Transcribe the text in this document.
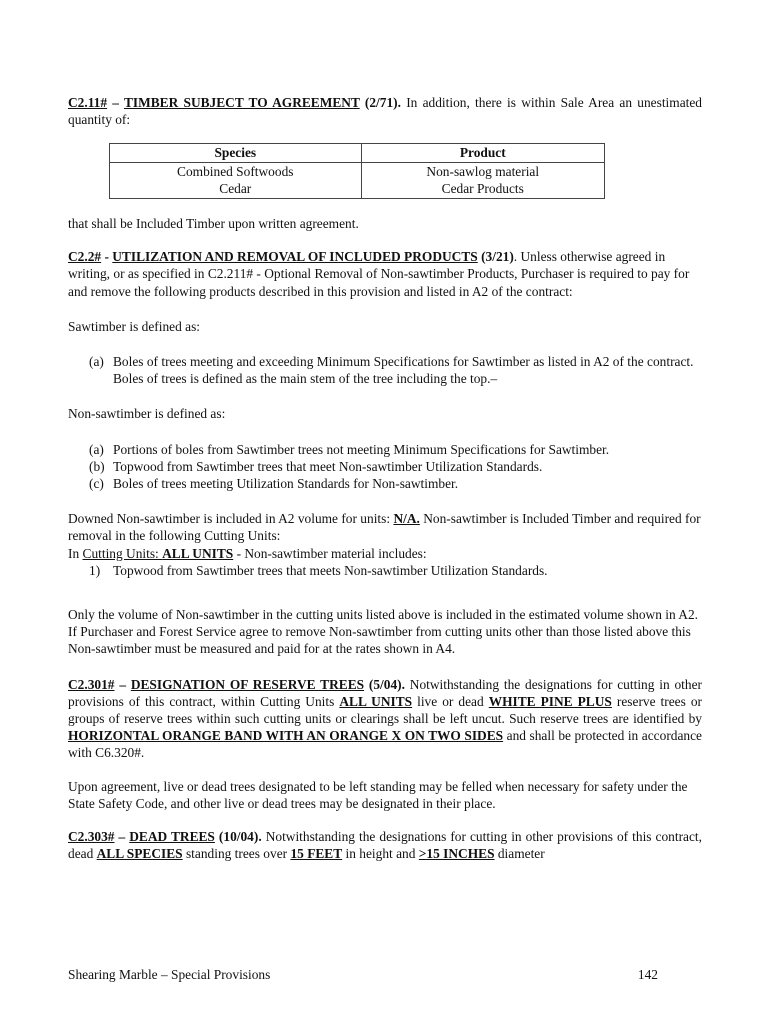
C2.11# – TIMBER SUBJECT TO AGREEMENT (2/71). In addition, there is within Sale Area an unestimated quantity of:

Species	Product
Combined Softwoods	Non-sawlog material
Cedar	Cedar Products

that shall be Included Timber upon written agreement.

C2.2# - UTILIZATION AND REMOVAL OF INCLUDED PRODUCTS (3/21). Unless otherwise agreed in writing, or as specified in C2.211# - Optional Removal of Non-sawtimber Products, Purchaser is required to pay for and remove the following products described in this provision and listed in A2 of the contract:

Sawtimber is defined as:

(a) Boles of trees meeting and exceeding Minimum Specifications for Sawtimber as listed in A2 of the contract. Boles of trees is defined as the main stem of the tree including the top.–

Non-sawtimber is defined as:

(a) Portions of boles from Sawtimber trees not meeting Minimum Specifications for Sawtimber.
(b) Topwood from Sawtimber trees that meet Non-sawtimber Utilization Standards.
(c) Boles of trees meeting Utilization Standards for Non-sawtimber.

Downed Non-sawtimber is included in A2 volume for units: N/A. Non-sawtimber is Included Timber and required for removal in the following Cutting Units:

In Cutting Units: ALL UNITS - Non-sawtimber material includes:

1) Topwood from Sawtimber trees that meets Non-sawtimber Utilization Standards.

Only the volume of Non-sawtimber in the cutting units listed above is included in the estimated volume shown in A2. If Purchaser and Forest Service agree to remove Non-sawtimber from cutting units other than those listed above this Non-sawtimber must be measured and paid for at the rates shown in A4.

C2.301# – DESIGNATION OF RESERVE TREES (5/04). Notwithstanding the designations for cutting in other provisions of this contract, within Cutting Units ALL UNITS live or dead WHITE PINE PLUS reserve trees or groups of reserve trees within such cutting units or clearings shall be left uncut. Such reserve trees are identified by HORIZONTAL ORANGE BAND WITH AN ORANGE X ON TWO SIDES and shall be protected in accordance with C6.320#.

Upon agreement, live or dead trees designated to be left standing may be felled when necessary for safety under the State Safety Code, and other live or dead trees may be designated in their place.

C2.303# – DEAD TREES (10/04). Notwithstanding the designations for cutting in other provisions of this contract, dead ALL SPECIES standing trees over 15 FEET in height and >15 INCHES diameter

Shearing Marble – Special Provisions	142
